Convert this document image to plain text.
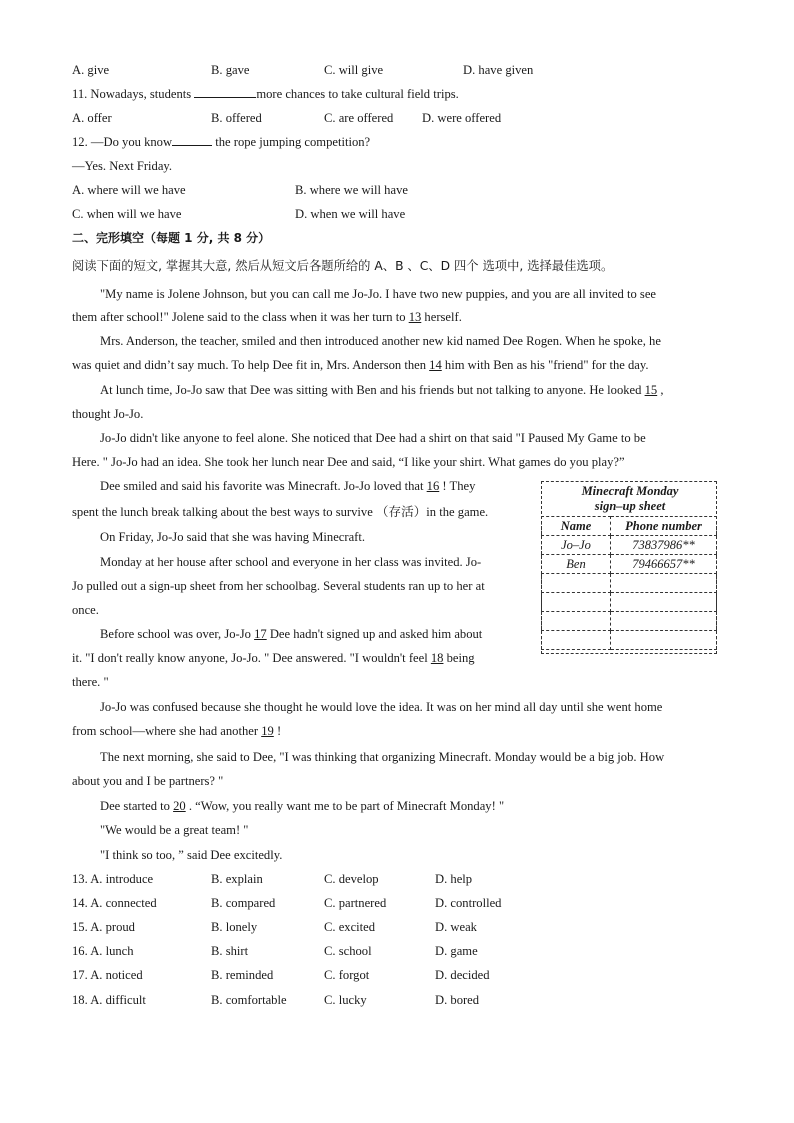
A. give	B. gave	C. will give	D. have given
11. Nowadays, students	more chances to take cultural field trips.
A. offer	B. offered	C. are offered D. were offered
12. —Do you know	the rope jumping competition?
—Yes. Next Friday.
A. where will we have	B. where we will have
C. when will we have	D. when we will have
二、完形填空（每题 1 分, 共 8 分）
阅读下面的短文, 掌握其大意, 然后从短文后各题所给的 A、B 、C、D 四个 选项中, 选择最佳选项。
"My name is Jolene Johnson, but you can call me Jo-Jo. I have two new puppies, and you are all invited to see
them after school!" Jolene said to the class when it was her turn to 13 herself.
Mrs. Anderson, the teacher, smiled and then introduced another new kid named Dee Rogen. When he spoke, he
was quiet and didn’t say much. To help Dee fit in, Mrs. Anderson then 14 him with Ben as his "friend" for the day.
At lunch time, Jo-Jo saw that Dee was sitting with Ben and his friends but not talking to anyone. He looked 15 ,
thought Jo-Jo.
Jo-Jo didn't like anyone to feel alone. She noticed that Dee had a shirt on that said "I Paused My Game to be
Here. " Jo-Jo had an idea. She took her lunch near Dee and said, “I like your shirt. What games do you play?”
Dee smiled and said his favorite was Minecraft. Jo-Jo loved that 16 ! They
spent the lunch break talking about the best ways to survive （存活）in the game.
On Friday, Jo-Jo said that she was having Minecraft.
Monday at her house after school and everyone in her class was invited. Jo-
Jo pulled out a sign-up sheet from her schoolbag. Several students ran up to her at
once.
Before school was over, Jo-Jo 17 Dee hadn't signed up and asked him about
it. "I don't really know anyone, Jo-Jo. " Dee answered. "I wouldn't feel 18 being
there. "
Jo-Jo was confused because she thought he would love the idea. It was on her mind all day until she went home
from school—where she had another 19 !
The next morning, she said to Dee, "I was thinking that organizing Minecraft. Monday would be a big job. How
about you and I be partners? "
Dee started to 20 . “Wow, you really want me to be part of Minecraft Monday! "
"We would be a great team! "
"I think so too, ” said Dee excitedly.
Minecraft Monday
sign–up sheet
Name	Phone number
Jo–Jo	73837986**
Ben	79466657**

13. A. introduce	B. explain	C. develop	D. help
14. A. connected	B. compared	C. partnered	D. controlled
15. A. proud	B. lonely	C. excited	D. weak
16. A. lunch	B. shirt	C. school	D. game
17. A. noticed	B. reminded	C. forgot	D. decided
18. A. difficult	B. comfortable	C. lucky	D. bored
